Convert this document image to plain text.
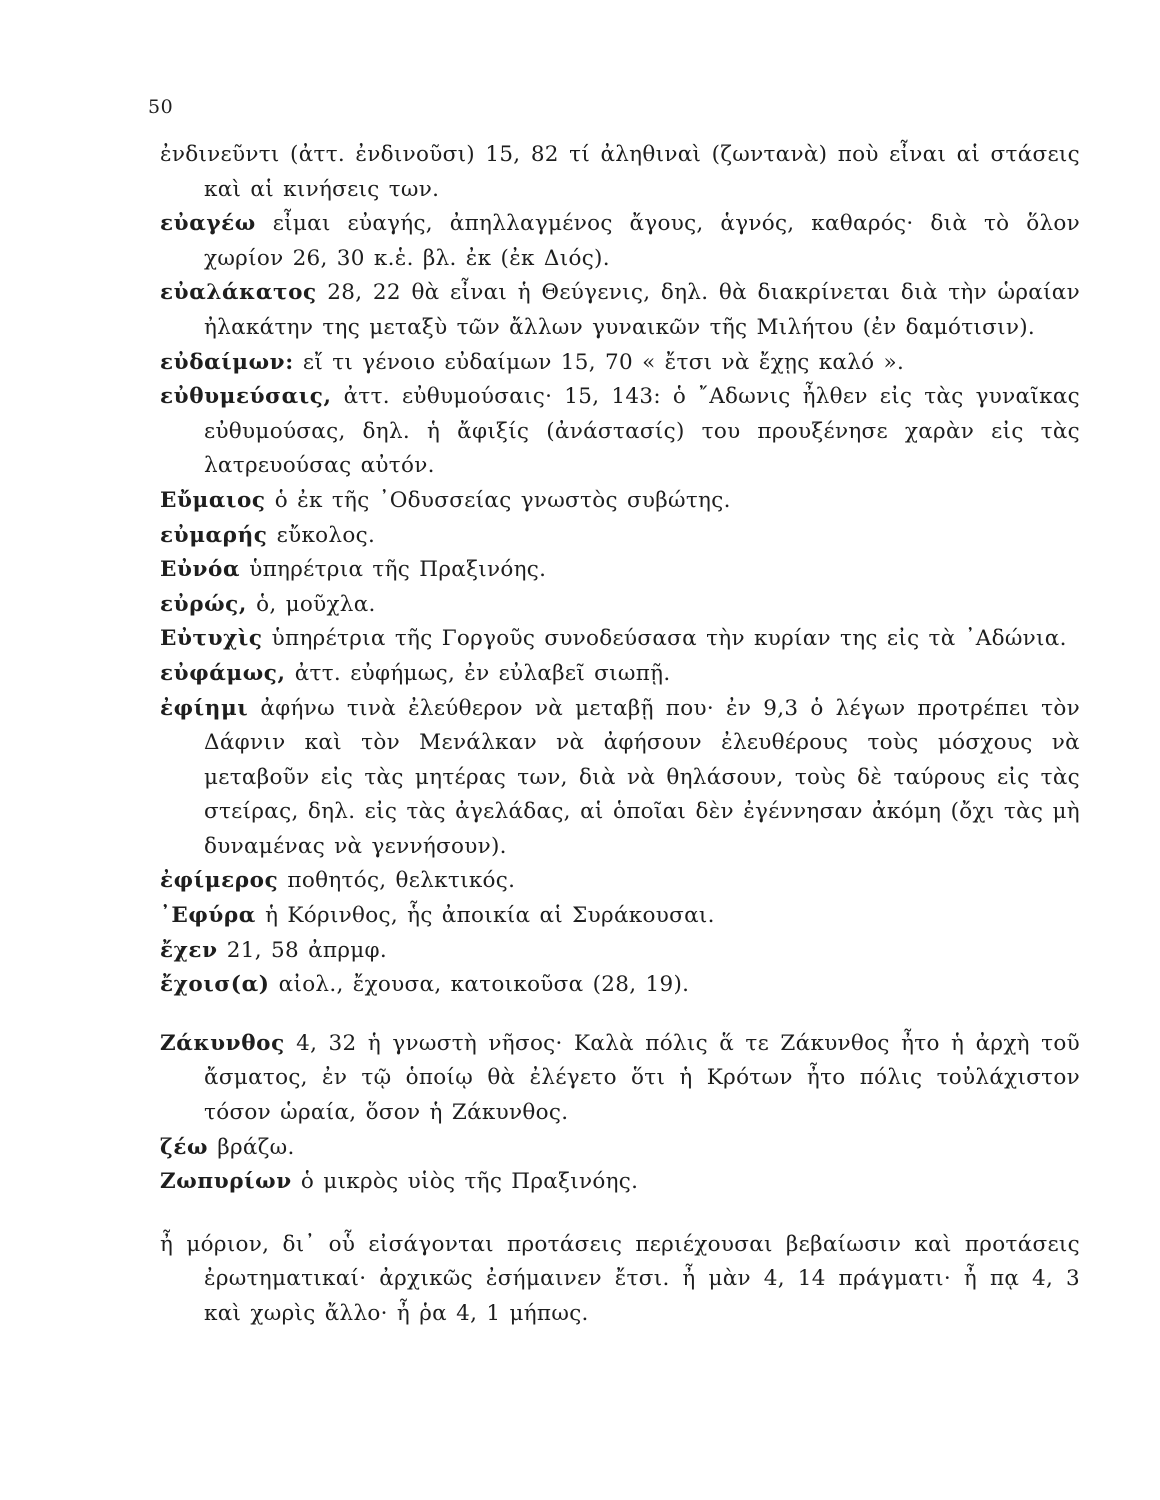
50

ἐνδινεῦντι (ἀττ. ἐνδινοῦσι) 15, 82 τί ἀληθιναὶ (ζωντανὰ) ποὺ εἶναι αἱ στάσεις καὶ αἱ κινήσεις των.

εὐαγέω εἶμαι εὐαγής, ἀπηλλαγμένος ἄγους, ἁγνός, καθαρός· διὰ τὸ ὅλον χωρίον 26, 30 κ.ἑ. βλ. ἐκ (ἐκ Διός).

εὐαλάκατος 28, 22 θὰ εἶναι ἡ Θεύγενις, δηλ. θὰ διακρίνεται διὰ τὴν ὡραίαν ἠλακάτην της μεταξὺ τῶν ἄλλων γυναικῶν τῆς Μιλήτου (ἐν δαμότισιν).

εὐδαίμων: εἴ τι γένοιο εὐδαίμων 15, 70 « ἔτσι νὰ ἔχῃς καλό ».

εὐθυμεύσαις, ἀττ. εὐθυμούσαις· 15, 143: ὁ ῎Αδωνις ἦλθεν εἰς τὰς γυναῖκας εὐθυμούσας, δηλ. ἡ ἄφιξίς (ἀνάστασίς) του προυξένησε χαρὰν εἰς τὰς λατρευούσας αὐτόν.

Εὔμαιος ὁ ἐκ τῆς ᾿Οδυσσείας γνωστὸς συβώτης.

εὐμαρής εὔκολος.

Εὐνόα ὑπηρέτρια τῆς Πραξινόης.

εὐρώς, ὁ, μοῦχλα.

Εὐτυχὶς ὑπηρέτρια τῆς Γοργοῦς συνοδεύσασα τὴν κυρίαν της εἰς τὰ ᾿Αδώνια.

εὐφάμως, ἀττ. εὐφήμως, ἐν εὐλαβεῖ σιωπῇ.

ἐφίημι ἀφήνω τινὰ ἐλεύθερον νὰ μεταβῇ που· ἐν 9,3 ὁ λέγων προτρέπει τὸν Δάφνιν καὶ τὸν Μενάλκαν νὰ ἀφήσουν ἐλευθέρους τοὺς μόσχους νὰ μεταβοῦν εἰς τὰς μητέρας των, διὰ νὰ θηλάσουν, τοὺς δὲ ταύρους εἰς τὰς στείρας, δηλ. εἰς τὰς ἀγελάδας, αἱ ὁποῖαι δὲν ἐγέννησαν ἀκόμη (ὄχι τὰς μὴ δυναμένας νὰ γεννήσουν).

ἐφίμερος ποθητός, θελκτικός.

᾿Εφύρα ἡ Κόρινθος, ἧς ἀποικία αἱ Συράκουσαι.

ἔχεν 21, 58 ἀπρμφ.

ἔχοισ(α) αἰολ., ἔχουσα, κατοικοῦσα (28, 19).

Ζάκυνθος 4, 32 ἡ γνωστὴ νῆσος· Καλὰ πόλις ἅ τε Ζάκυνθος ἦτο ἡ ἀρχὴ τοῦ ἄσματος, ἐν τῷ ὁποίῳ θὰ ἐλέγετο ὅτι ἡ Κρότων ἦτο πόλις τοὐλάχιστον τόσον ὡραία, ὅσον ἡ Ζάκυνθος.

ζέω βράζω.

Ζωπυρίων ὁ μικρὸς υἱὸς τῆς Πραξινόης.

ἦ μόριον, δι᾿ οὗ εἰσάγονται προτάσεις περιέχουσαι βεβαίωσιν καὶ προτάσεις ἐρωτηματικαί· ἀρχικῶς ἐσήμαινεν ἔτσι. ἦ μὰν 4, 14 πράγματι· ἦ πᾳ 4, 3 καὶ χωρὶς ἄλλο· ἦ ῥα 4, 1 μήπως.
